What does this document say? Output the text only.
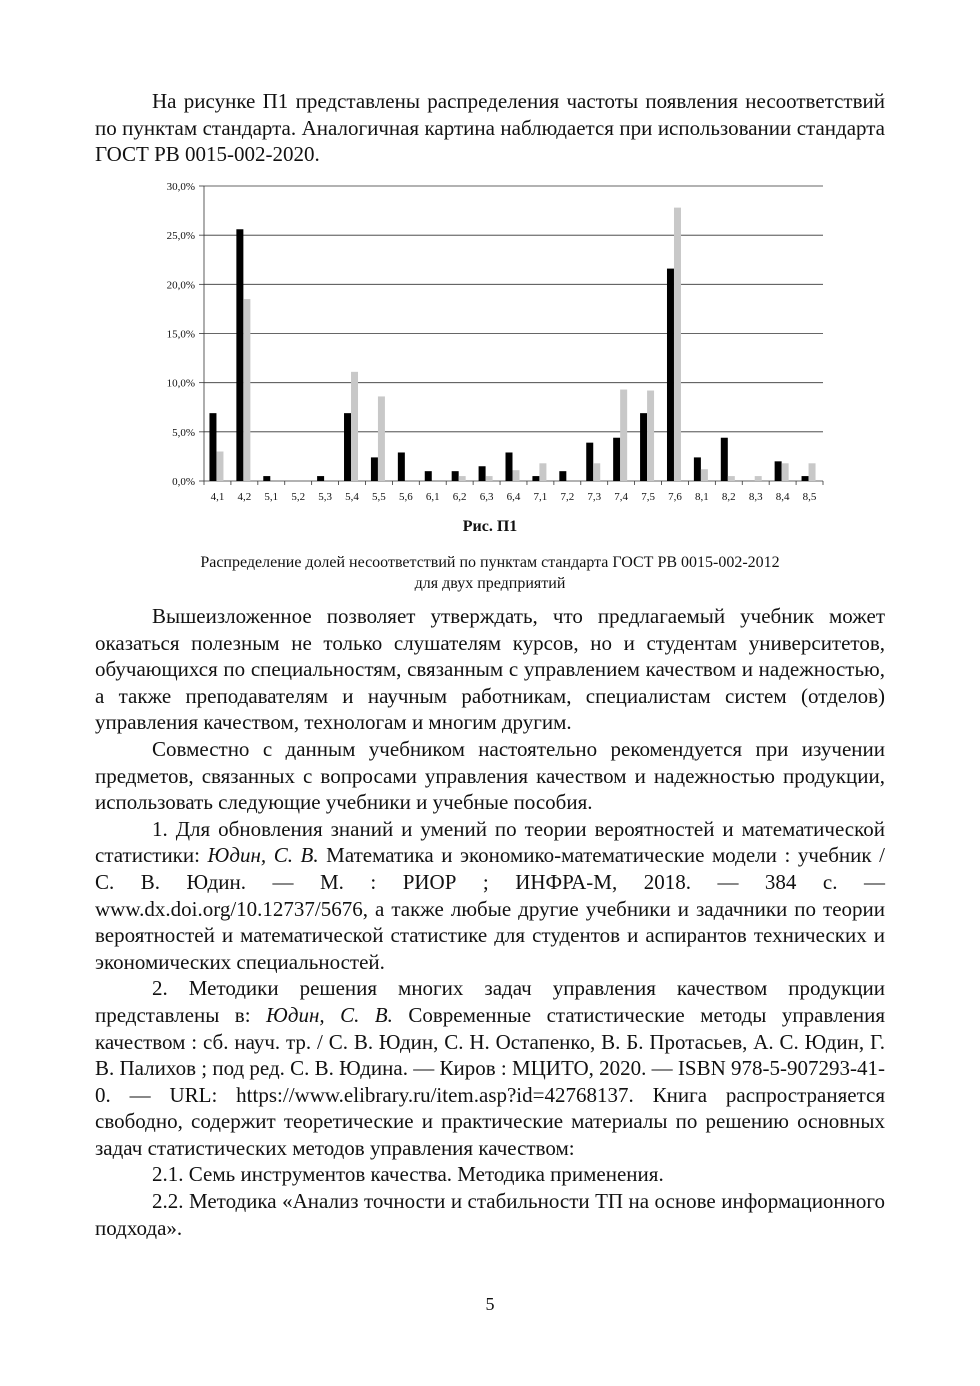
На рисунке П1 представлены распределения частоты появления несоответствий по пунктам стандарта. Аналогичная картина наблюдается при использовании стандарта ГОСТ РВ 0015-002-2020.

0,0%
5,0%
10,0%
15,0%
20,0%
25,0%
30,0%
4,1 4,2 5,1 5,2 5,3 5,4 5,5 5,6 6,1 6,2 6,3 6,4 7,1 7,2 7,3 7,4 7,5 7,6 8,1 8,2 8,3 8,4 8,5
Рис. П1
Распределение долей несоответствий по пунктам стандарта ГОСТ РВ 0015-002-2012
для двух предприятий

Вышеизложенное позволяет утверждать, что предлагаемый учебник может оказаться полезным не только слушателям курсов, но и студентам университетов, обучающихся по специальностям, связанным с управлением качеством и надежностью, а также преподавателям и научным работникам, специалистам систем (отделов) управления качеством, технологам и многим другим.

Совместно с данным учебником настоятельно рекомендуется при изучении предметов, связанных с вопросами управления качеством и надежностью продукции, использовать следующие учебники и учебные пособия.

1. Для обновления знаний и умений по теории вероятностей и математической статистики: Юдин, С. В. Математика и экономико-математические модели : учебник / С. В. Юдин. — М. : РИОР ; ИНФРА-М, 2018. — 384 с. — www.dx.doi.org/10.12737/5676, а также любые другие учебники и задачники по теории вероятностей и математической статистике для студентов и аспирантов технических и экономических специальностей.

2. Методики решения многих задач управления качеством продукции представлены в: Юдин, С. В. Современные статистические методы управления качеством : сб. науч. тр. / С. В. Юдин, С. Н. Остапенко, В. Б. Протасьев, А. С. Юдин, Г. В. Палихов ; под ред. С. В. Юдина. — Киров : МЦИТО, 2020. — ISBN 978-5-907293-41-0. — URL: https://www.elibrary.ru/item.asp?id=42768137. Книга распространяется свободно, содержит теоретические и практические материалы по решению основных задач статистических методов управления качеством:

2.1. Семь инструментов качества. Методика применения.

2.2. Методика «Анализ точности и стабильности ТП на основе информационного подхода».

5
